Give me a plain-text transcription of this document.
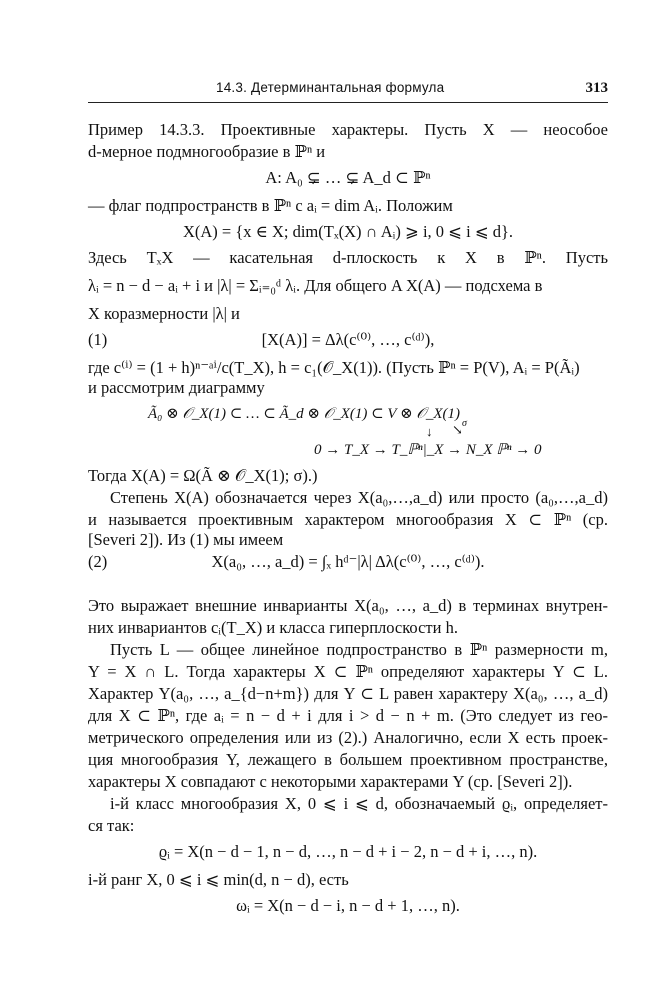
14.3. Детерминантальная формула	313
Пример 14.3.3. Проективные характеры. Пусть X — неособое
d-мерное подмногообразие в ℙⁿ и
A: A₀ ⊊ … ⊊ A_d ⊂ ℙⁿ
— флаг подпространств в ℙⁿ с aᵢ = dim Aᵢ. Положим
X(A) = {x ∈ X; dim(Tₓ(X) ∩ Aᵢ) ⩾ i, 0 ⩽ i ⩽ d}.
Здесь TₓX — касательная d-плоскость к X в ℙⁿ. Пусть
λᵢ = n − d − aᵢ + i и |λ| = Σᵢ₌₀ᵈ λᵢ. Для общего A X(A) — подсхема в
X коразмерности |λ| и
(1)	[X(A)] = Δλ(c⁽⁰⁾, …, c⁽ᵈ⁾),
где c⁽ⁱ⁾ = (1 + h)ⁿ⁻ᵃⁱ/c(T_X), h = c₁(𝒪_X(1)). (Пусть ℙⁿ = P(V), Aᵢ = P(Ãᵢ)
и рассмотрим диаграмму
Ã₀ ⊗ 𝒪_X(1) ⊂ … ⊂ Ã_d ⊗ 𝒪_X(1) ⊂ V ⊗ 𝒪_X(1)
↓ ↘ σ
0 → T_X → T_ℙⁿ|_X → N_X ℙⁿ → 0
Тогда X(A) = Ω(Ã ⊗ 𝒪_X(1); σ).)
Степень X(A) обозначается через X(a₀,…,a_d) или просто (a₀,…,a_d)
и называется проективным характером многообразия X ⊂ ℙⁿ (ср.
[Severi 2]). Из (1) мы имеем
(2)	X(a₀, …, a_d) = ∫ₓ hᵈ⁻|λ| Δλ(c⁽⁰⁾, …, c⁽ᵈ⁾).
Это выражает внешние инварианты X(a₀, …, a_d) в терминах внутрен-
них инвариантов cᵢ(T_X) и класса гиперплоскости h.
Пусть L — общее линейное подпространство в ℙⁿ размерности m,
Y = X ∩ L. Тогда характеры X ⊂ ℙⁿ определяют характеры Y ⊂ L.
Характер Y(a₀, …, a_{d−n+m}) для Y ⊂ L равен характеру X(a₀, …, a_d)
для X ⊂ ℙⁿ, где aᵢ = n − d + i для i > d − n + m. (Это следует из гео-
метрического определения или из (2).) Аналогично, если X есть проек-
ция многообразия Y, лежащего в большем проективном пространстве,
характеры X совпадают с некоторыми характерами Y (ср. [Severi 2]).
i-й класс многообразия X, 0 ⩽ i ⩽ d, обозначаемый ϱᵢ, определяет-
ся так:
ϱᵢ = X(n − d − 1, n − d, …, n − d + i − 2, n − d + i, …, n).
i-й ранг X, 0 ⩽ i ⩽ min(d, n − d), есть
ωᵢ = X(n − d − i, n − d + 1, …, n).
